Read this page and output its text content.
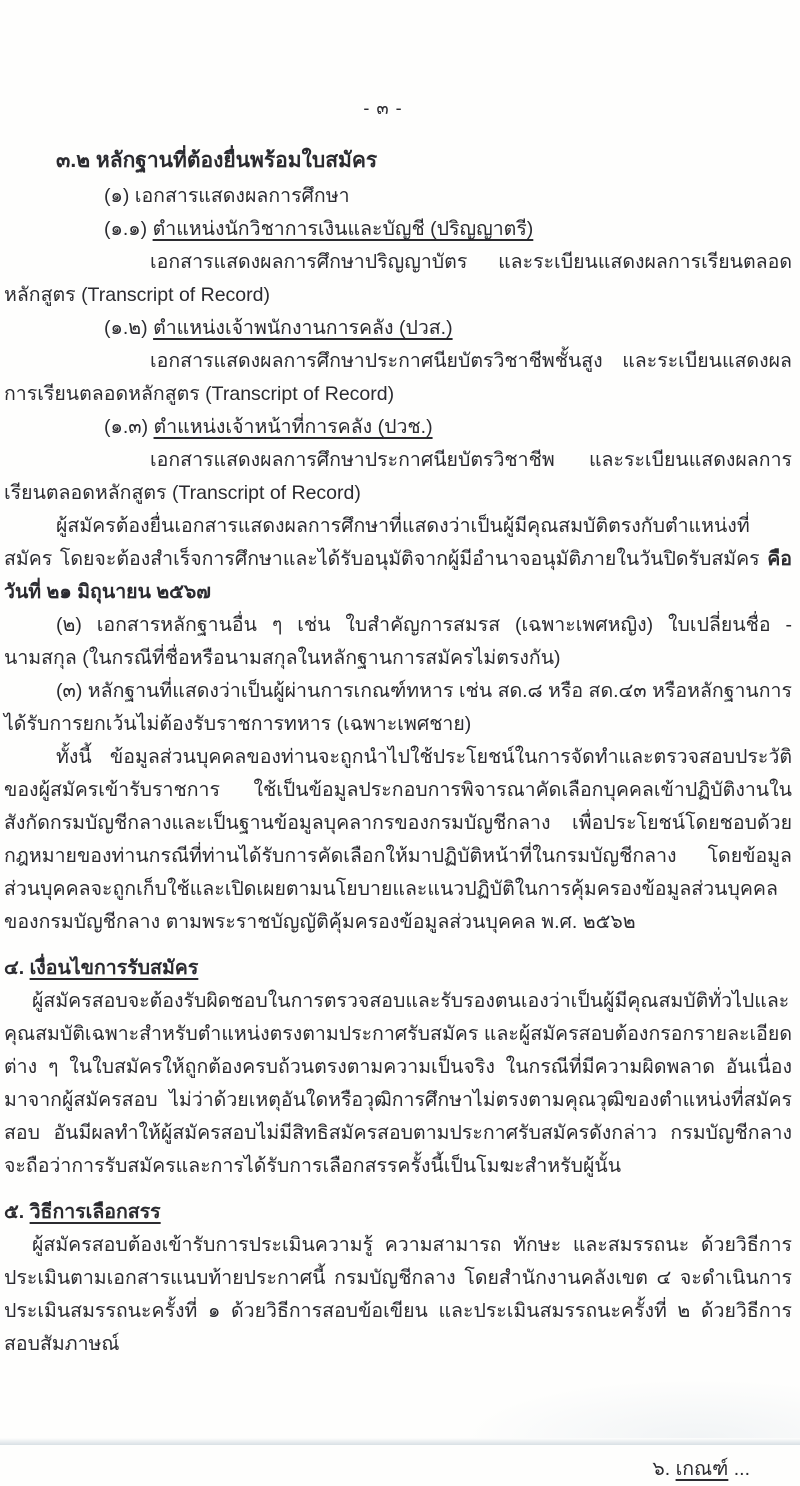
- ๓ -
๓.๒ หลักฐานที่ต้องยื่นพร้อมใบสมัคร
(๑) เอกสารแสดงผลการศึกษา
(๑.๑) ตำแหน่งนักวิชาการเงินและบัญชี (ปริญญาตรี)

เอกสารแสดงผลการศึกษาปริญญาบัตร และระเบียนแสดงผลการเรียนตลอดหลักสูตร (Transcript of Record)

(๑.๒) ตำแหน่งเจ้าพนักงานการคลัง (ปวส.)

เอกสารแสดงผลการศึกษาประกาศนียบัตรวิชาชีพชั้นสูง และระเบียนแสดงผลการเรียนตลอดหลักสูตร (Transcript of Record)

(๑.๓) ตำแหน่งเจ้าหน้าที่การคลัง (ปวช.)

เอกสารแสดงผลการศึกษาประกาศนียบัตรวิชาชีพ และระเบียนแสดงผลการเรียนตลอดหลักสูตร (Transcript of Record)

ผู้สมัครต้องยื่นเอกสารแสดงผลการศึกษาที่แสดงว่าเป็นผู้มีคุณสมบัติตรงกับตำแหน่งที่สมัคร โดยจะต้องสำเร็จการศึกษาและได้รับอนุมัติจากผู้มีอำนาจอนุมัติภายในวันปิดรับสมัคร คือวันที่ ๒๑ มิถุนายน ๒๕๖๗

(๒) เอกสารหลักฐานอื่น ๆ เช่น ใบสำคัญการสมรส (เฉพาะเพศหญิง) ใบเปลี่ยนชื่อ - นามสกุล (ในกรณีที่ชื่อหรือนามสกุลในหลักฐานการสมัครไม่ตรงกัน)

(๓) หลักฐานที่แสดงว่าเป็นผู้ผ่านการเกณฑ์ทหาร เช่น สด.๘ หรือ สด.๔๓ หรือหลักฐานการได้รับการยกเว้นไม่ต้องรับราชการทหาร (เฉพาะเพศชาย)

ทั้งนี้ ข้อมูลส่วนบุคคลของท่านจะถูกนำไปใช้ประโยชน์ในการจัดทำและตรวจสอบประวัติของผู้สมัครเข้ารับราชการ ใช้เป็นข้อมูลประกอบการพิจารณาคัดเลือกบุคคลเข้าปฏิบัติงานในสังกัดกรมบัญชีกลางและเป็นฐานข้อมูลบุคลากรของกรมบัญชีกลาง เพื่อประโยชน์โดยชอบด้วยกฎหมายของท่านกรณีที่ท่านได้รับการคัดเลือกให้มาปฏิบัติหน้าที่ในกรมบัญชีกลาง โดยข้อมูลส่วนบุคคลจะถูกเก็บใช้และเปิดเผยตามนโยบายและแนวปฏิบัติในการคุ้มครองข้อมูลส่วนบุคคลของกรมบัญชีกลาง ตามพระราชบัญญัติคุ้มครองข้อมูลส่วนบุคคล พ.ศ. ๒๕๖๒

๔. เงื่อนไขการรับสมัคร

ผู้สมัครสอบจะต้องรับผิดชอบในการตรวจสอบและรับรองตนเองว่าเป็นผู้มีคุณสมบัติทั่วไปและคุณสมบัติเฉพาะสำหรับตำแหน่งตรงตามประกาศรับสมัคร และผู้สมัครสอบต้องกรอกรายละเอียดต่าง ๆ ในใบสมัครให้ถูกต้องครบถ้วนตรงตามความเป็นจริง ในกรณีที่มีความผิดพลาด อันเนื่องมาจากผู้สมัครสอบ ไม่ว่าด้วยเหตุอันใดหรือวุฒิการศึกษาไม่ตรงตามคุณวุฒิของตำแหน่งที่สมัครสอบ อันมีผลทำให้ผู้สมัครสอบไม่มีสิทธิสมัครสอบตามประกาศรับสมัครดังกล่าว กรมบัญชีกลางจะถือว่าการรับสมัครและการได้รับการเลือกสรรครั้งนี้เป็นโมฆะสำหรับผู้นั้น

๕. วิธีการเลือกสรร

ผู้สมัครสอบต้องเข้ารับการประเมินความรู้ ความสามารถ ทักษะ และสมรรถนะ ด้วยวิธีการประเมินตามเอกสารแนบท้ายประกาศนี้ กรมบัญชีกลาง โดยสำนักงานคลังเขต ๔ จะดำเนินการประเมินสมรรถนะครั้งที่ ๑ ด้วยวิธีการสอบข้อเขียน และประเมินสมรรถนะครั้งที่ ๒ ด้วยวิธีการสอบสัมภาษณ์

๖. เกณฑ์ ...
